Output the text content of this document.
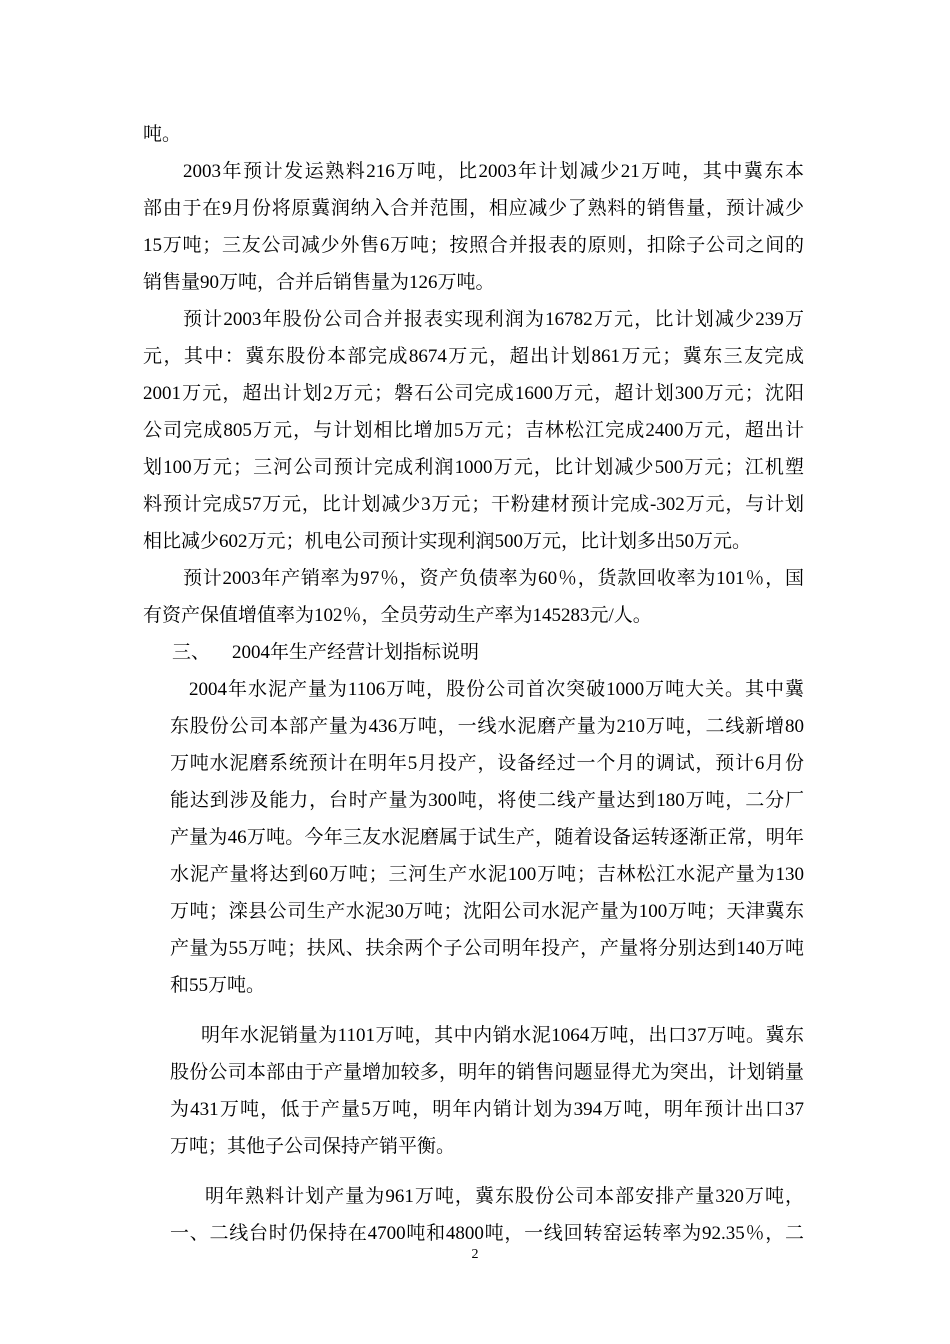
吨。
2003年预计发运熟料216万吨，比2003年计划减少21万吨，其中冀东本
部由于在9月份将原冀润纳入合并范围，相应减少了熟料的销售量，预计减少
15万吨；三友公司减少外售6万吨；按照合并报表的原则，扣除子公司之间的
销售量90万吨，合并后销售量为126万吨。
预计2003年股份公司合并报表实现利润为16782万元，比计划减少239万
元，其中：冀东股份本部完成8674万元，超出计划861万元；冀东三友完成
2001万元，超出计划2万元；磐石公司完成1600万元，超计划300万元；沈阳
公司完成805万元，与计划相比增加5万元；吉林松江完成2400万元，超出计
划100万元；三河公司预计完成利润1000万元，比计划减少500万元；江机塑
料预计完成57万元，比计划减少3万元；干粉建材预计完成-302万元，与计划
相比减少602万元；机电公司预计实现利润500万元，比计划多出50万元。
预计2003年产销率为97％，资产负债率为60％，货款回收率为101％，国
有资产保值增值率为102％，全员劳动生产率为145283元/人。
三、 2004年生产经营计划指标说明
2004年水泥产量为1106万吨，股份公司首次突破1000万吨大关。其中冀
东股份公司本部产量为436万吨，一线水泥磨产量为210万吨，二线新增80
万吨水泥磨系统预计在明年5月投产，设备经过一个月的调试，预计6月份
能达到涉及能力，台时产量为300吨，将使二线产量达到180万吨，二分厂
产量为46万吨。今年三友水泥磨属于试生产，随着设备运转逐渐正常，明年
水泥产量将达到60万吨；三河生产水泥100万吨；吉林松江水泥产量为130
万吨；滦县公司生产水泥30万吨；沈阳公司水泥产量为100万吨；天津冀东
产量为55万吨；扶风、扶余两个子公司明年投产，产量将分别达到140万吨
和55万吨。
明年水泥销量为1101万吨，其中内销水泥1064万吨，出口37万吨。冀东
股份公司本部由于产量增加较多，明年的销售问题显得尤为突出，计划销量
为431万吨，低于产量5万吨，明年内销计划为394万吨，明年预计出口37
万吨；其他子公司保持产销平衡。
明年熟料计划产量为961万吨，冀东股份公司本部安排产量320万吨，
一、二线台时仍保持在4700吨和4800吨，一线回转窑运转率为92.35％，二
2
